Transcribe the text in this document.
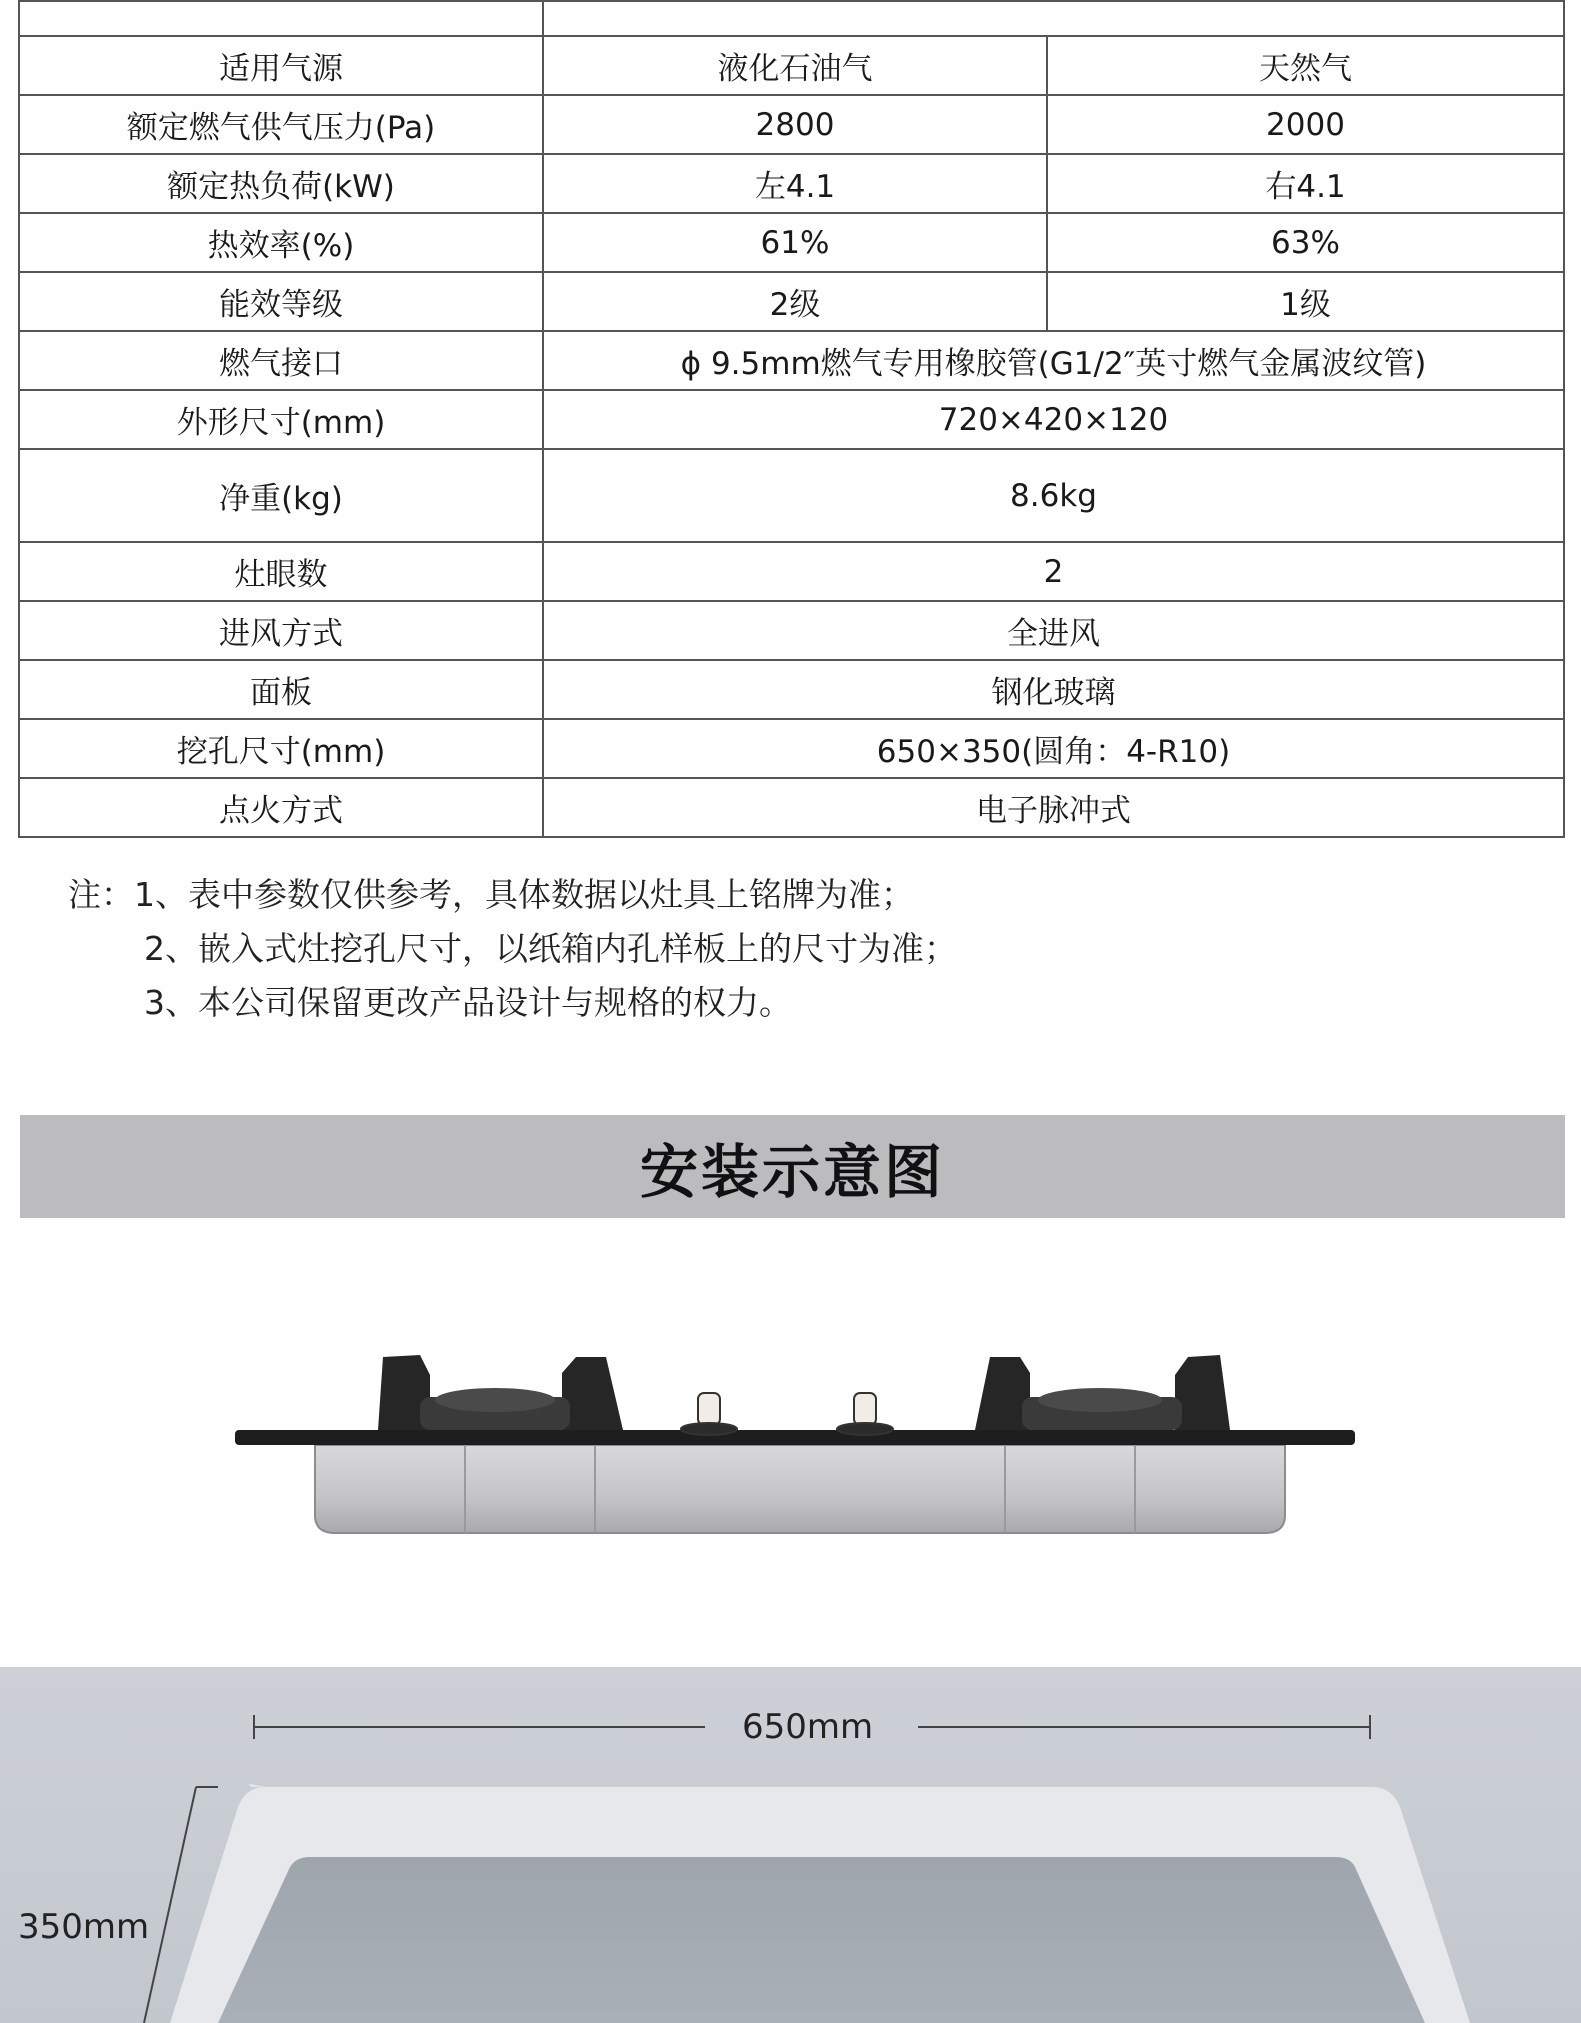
适用气源	液化石油气	天然气
额定燃气供气压力(Pa)	2800	2000
额定热负荷(kW)	左4.1	右4.1
热效率(%)	61%	63%
能效等级	2级	1级
燃气接口	ϕ 9.5mm燃气专用橡胶管(G1/2″英寸燃气金属波纹管)	
外形尺寸(mm)	720×420×120	
净重(kg)	8.6kg	
灶眼数	2	
进风方式	全进风	
面板	钢化玻璃	
挖孔尺寸(mm)	650×350(圆角：4-R10)	
点火方式	电子脉冲式	
注：1、表中参数仅供参考，具体数据以灶具上铭牌为准；
2、嵌入式灶挖孔尺寸，以纸箱内孔样板上的尺寸为准；
3、本公司保留更改产品设计与规格的权力。
安装示意图
650mm
350mm
